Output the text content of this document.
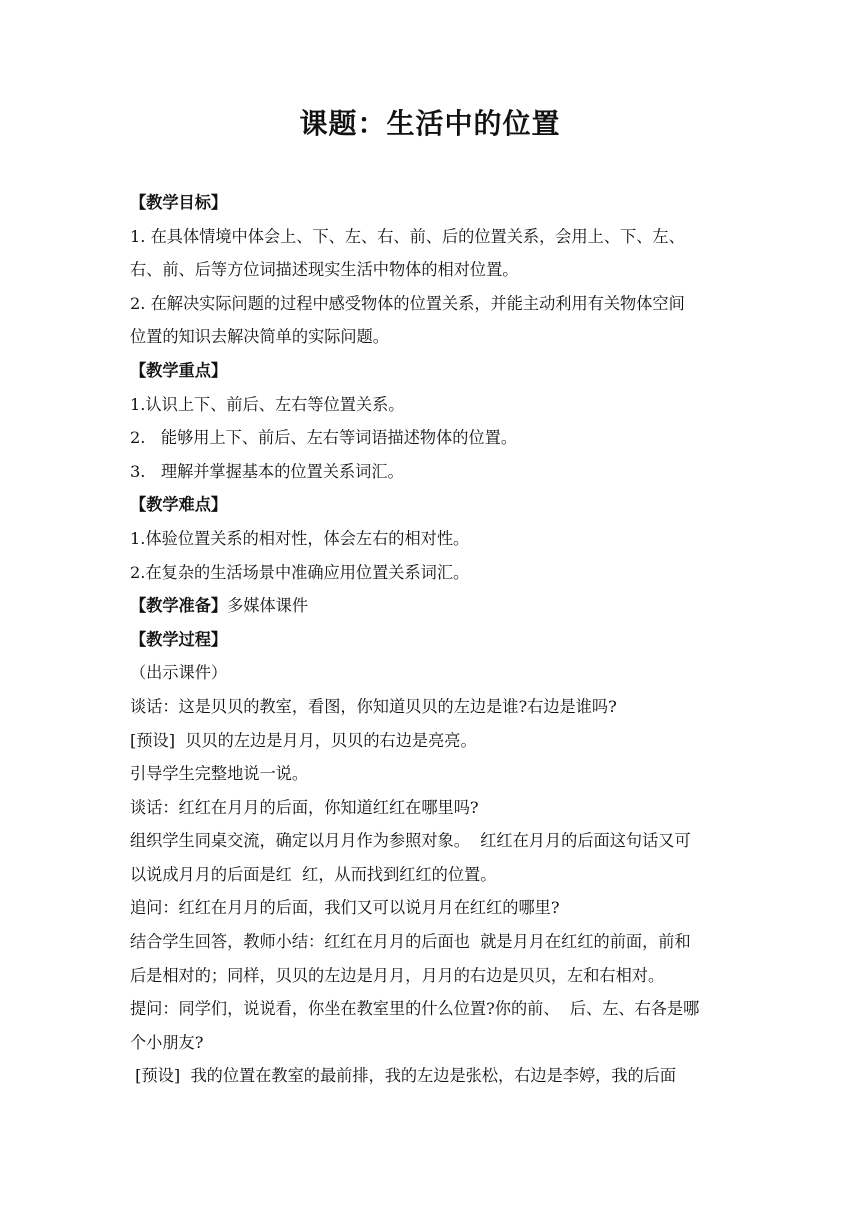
课题：生活中的位置
【教学目标】
1. 在具体情境中体会上、下、左、右、前、后的位置关系，会用上、下、左、
右、前、后等方位词描述现实生活中物体的相对位置。
2. 在解决实际问题的过程中感受物体的位置关系，并能主动利用有关物体空间
位置的知识去解决简单的实际问题。
【教学重点】
1.认识上下、前后、左右等位置关系。
2.   能够用上下、前后、左右等词语描述物体的位置。
3.   理解并掌握基本的位置关系词汇。
【教学难点】
1.体验位置关系的相对性，体会左右的相对性。
2.在复杂的生活场景中准确应用位置关系词汇。
【教学准备】多媒体课件
【教学过程】
（出示课件）
谈话：这是贝贝的教室，看图，你知道贝贝的左边是谁?右边是谁吗?
[预设]  贝贝的左边是月月，贝贝的右边是亮亮。
引导学生完整地说一说。
谈话：红红在月月的后面，你知道红红在哪里吗?
组织学生同桌交流，确定以月月作为参照对象。  红红在月月的后面这句话又可
以说成月月的后面是红  红，从而找到红红的位置。
追问：红红在月月的后面，我们又可以说月月在红红的哪里?
结合学生回答，教师小结：红红在月月的后面也  就是月月在红红的前面，前和
后是相对的；同样，贝贝的左边是月月，月月的右边是贝贝，左和右相对。
提问：同学们，说说看，你坐在教室里的什么位置?你的前、  后、左、右各是哪
个小朋友?
[预设]  我的位置在教室的最前排，我的左边是张松，右边是李婷，我的后面
